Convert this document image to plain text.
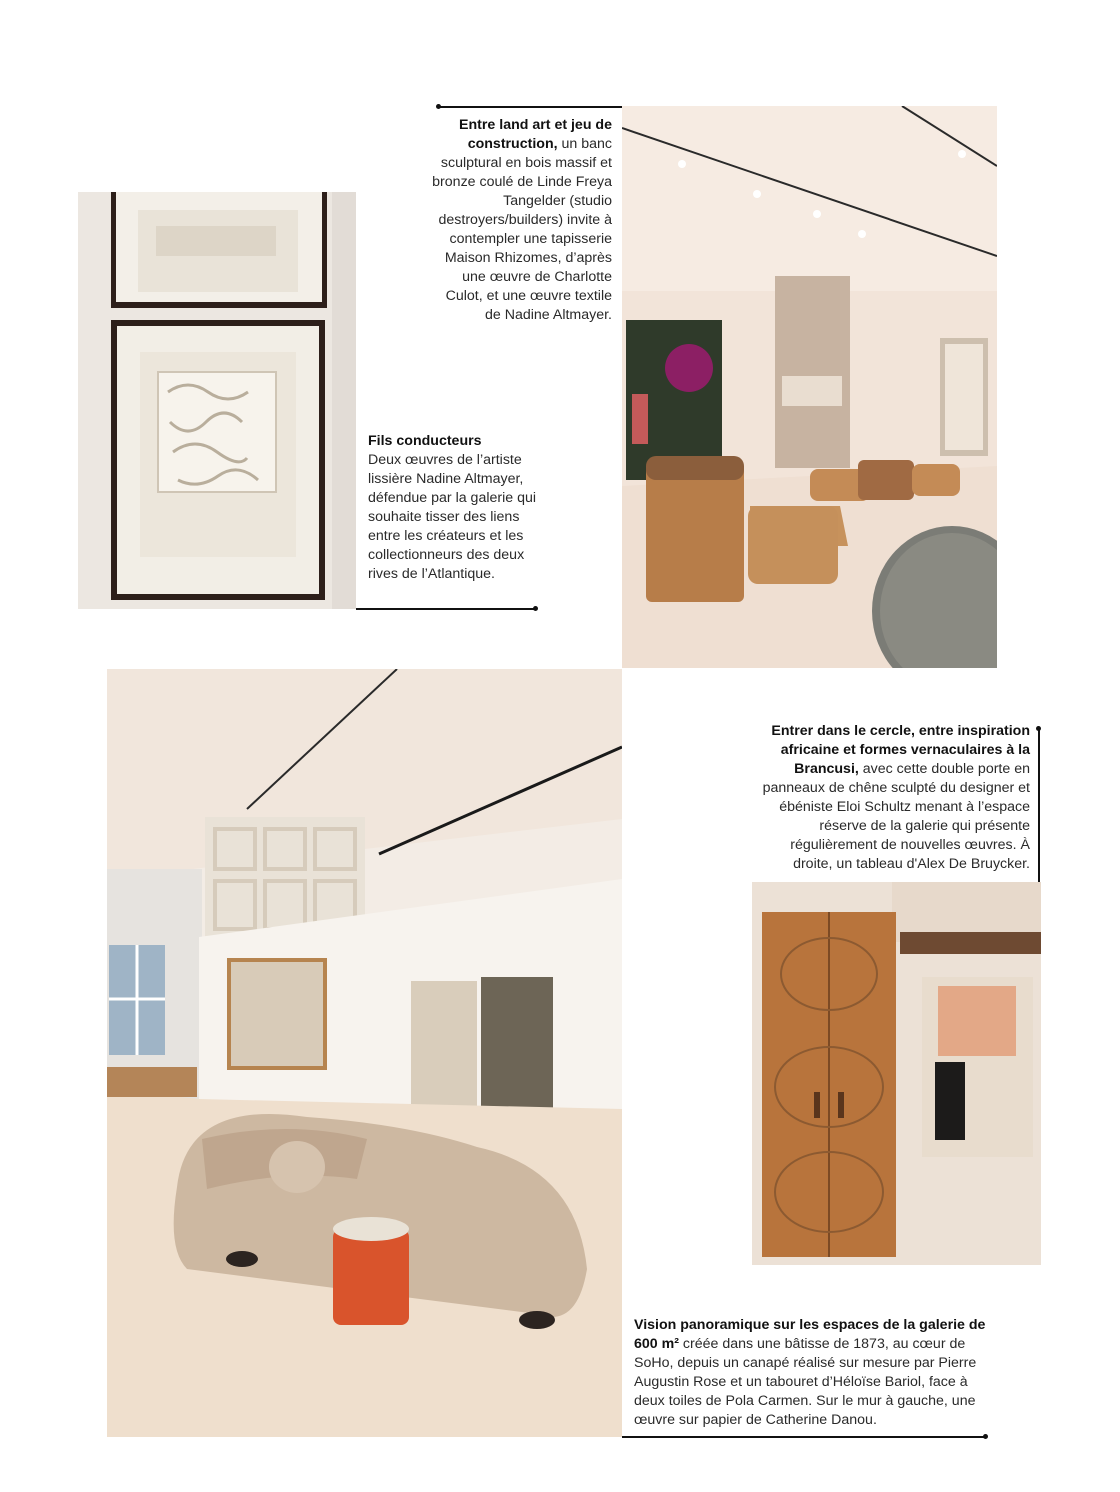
Entre land art et jeu de construction, un banc sculptural en bois massif et bronze coulé de Linde Freya Tangelder (studio destroyers/builders) invite à contempler une tapisserie Maison Rhizomes, d’après une œuvre de Charlotte Culot, et une œuvre textile de Nadine Altmayer.
Fils conducteurs
Deux œuvres de l’artiste lissière Nadine Altmayer, défendue par la galerie qui souhaite tisser des liens entre les créateurs et les collectionneurs des deux rives de l’Atlantique.
Entrer dans le cercle, entre inspiration africaine et formes vernaculaires à la Brancusi, avec cette double porte en panneaux de chêne sculpté du designer et ébéniste Eloi Schultz menant à l’espace réserve de la galerie qui présente régulièrement de nouvelles œuvres. À droite, un tableau d'Alex De Bruycker.
Vision panoramique sur les espaces de la galerie de 600 m² créée dans une bâtisse de 1873, au cœur de SoHo, depuis un canapé réalisé sur mesure par Pierre Augustin Rose et un tabouret d’Héloïse Bariol, face à deux toiles de Pola Carmen. Sur le mur à gauche, une œuvre sur papier de Catherine Danou.
